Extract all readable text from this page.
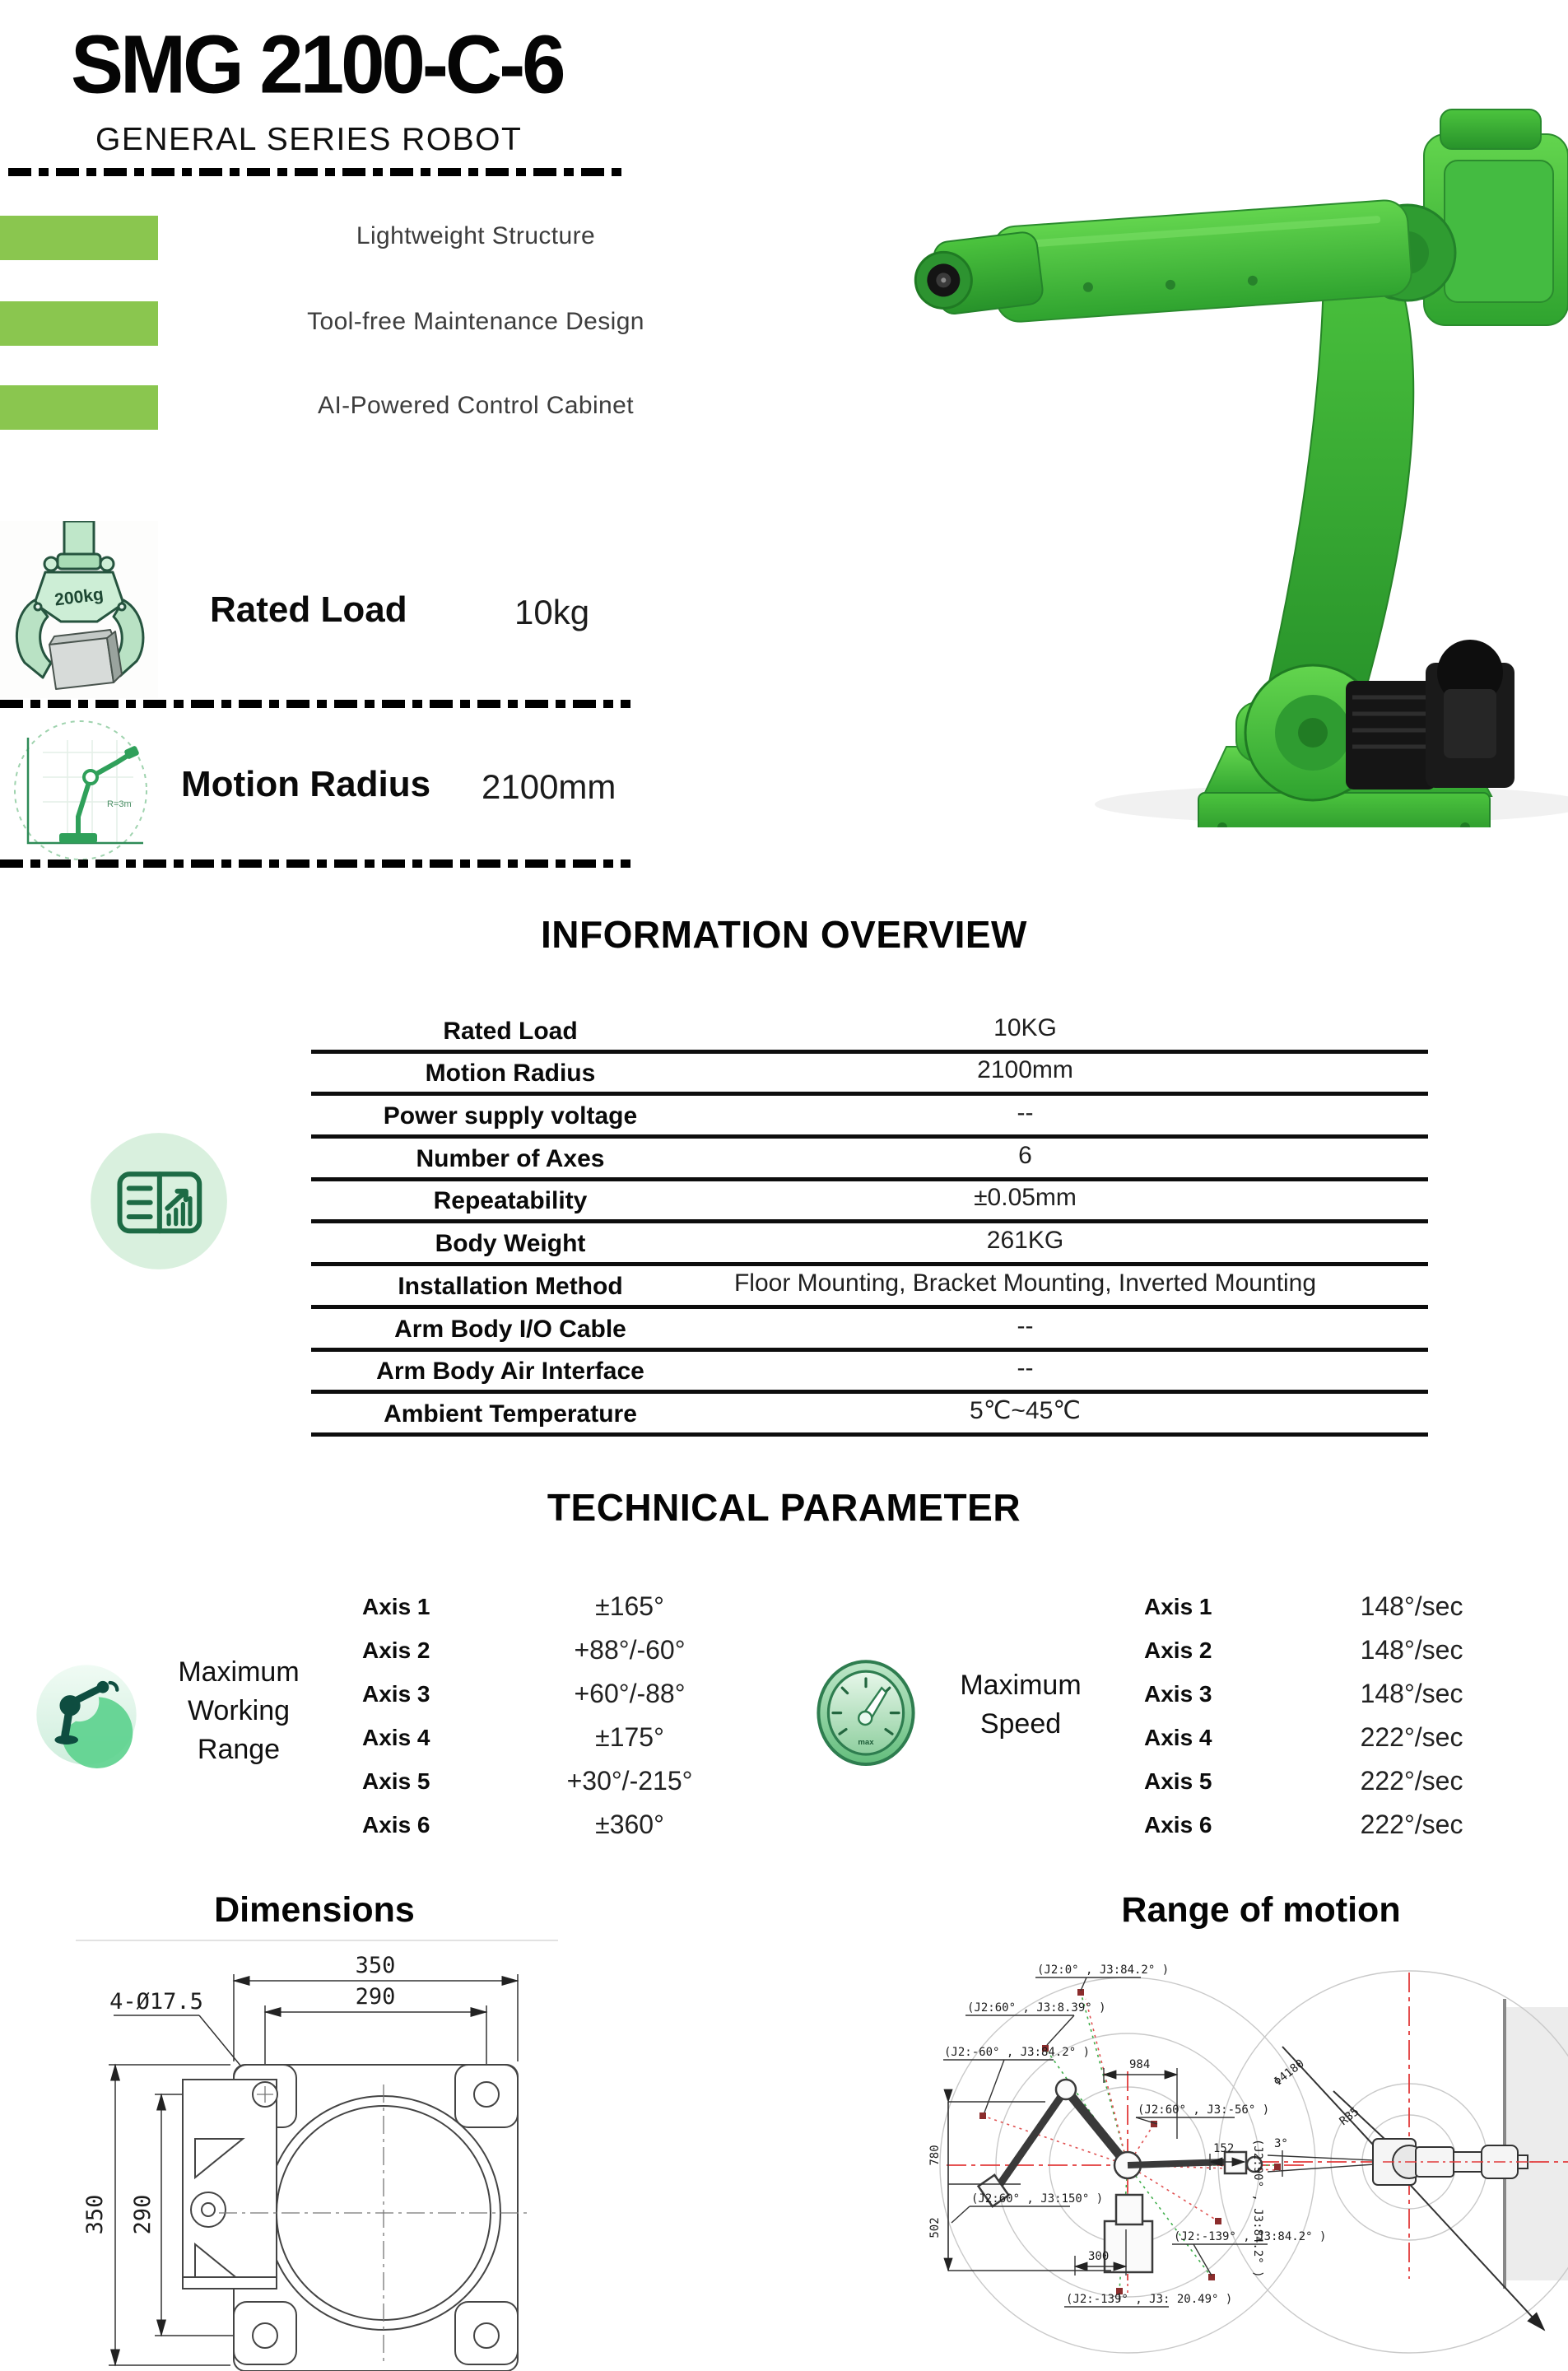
SMG 2100-C-6
GENERAL SERIES ROBOT
Lightweight Structure
Tool-free Maintenance Design
AI-Powered Control Cabinet
200kg	Rated Load	10kg
R=3m Motion Radius 2100mm
INFORMATION OVERVIEW
Rated Load	10KG
Motion Radius	2100mm
Power supply voltage	--
Number of Axes	6
Repeatability	±0.05mm
Body Weight	261KG
Installation Method	Floor Mounting, Bracket Mounting, Inverted Mounting
Arm Body I/O Cable	--
Arm Body Air Interface	--
Ambient Temperature	5℃~45℃
TECHNICAL PARAMETER
Maximum Working Range
Axis 1	±165°
Axis 2	+88°/-60°
Axis 3	+60°/-88°
Axis 4	±175°
Axis 5	+30°/-215°
Axis 6	±360°
max
Maximum Speed
Axis 1	148°/sec
Axis 2	148°/sec
Axis 3	148°/sec
Axis 4	222°/sec
Axis 5	222°/sec
Axis 6	222°/sec
Dimensions
350
290
4-Ø17.5
350 290
Range of motion
(J2:0° , J3:84.2° )
(J2:60° , J3:8.39° )
(J2:-60° , J3:84.2° )
984
(J2:60° , J3:-56° )
780
502
152 (J2:90° , J3:84.2° )
(J2:60° , J3:150° )
300
(J2:-139° , J3:84.2° )
(J2:-139° , J3: 20.49° )
Φ4180
R35
3°
